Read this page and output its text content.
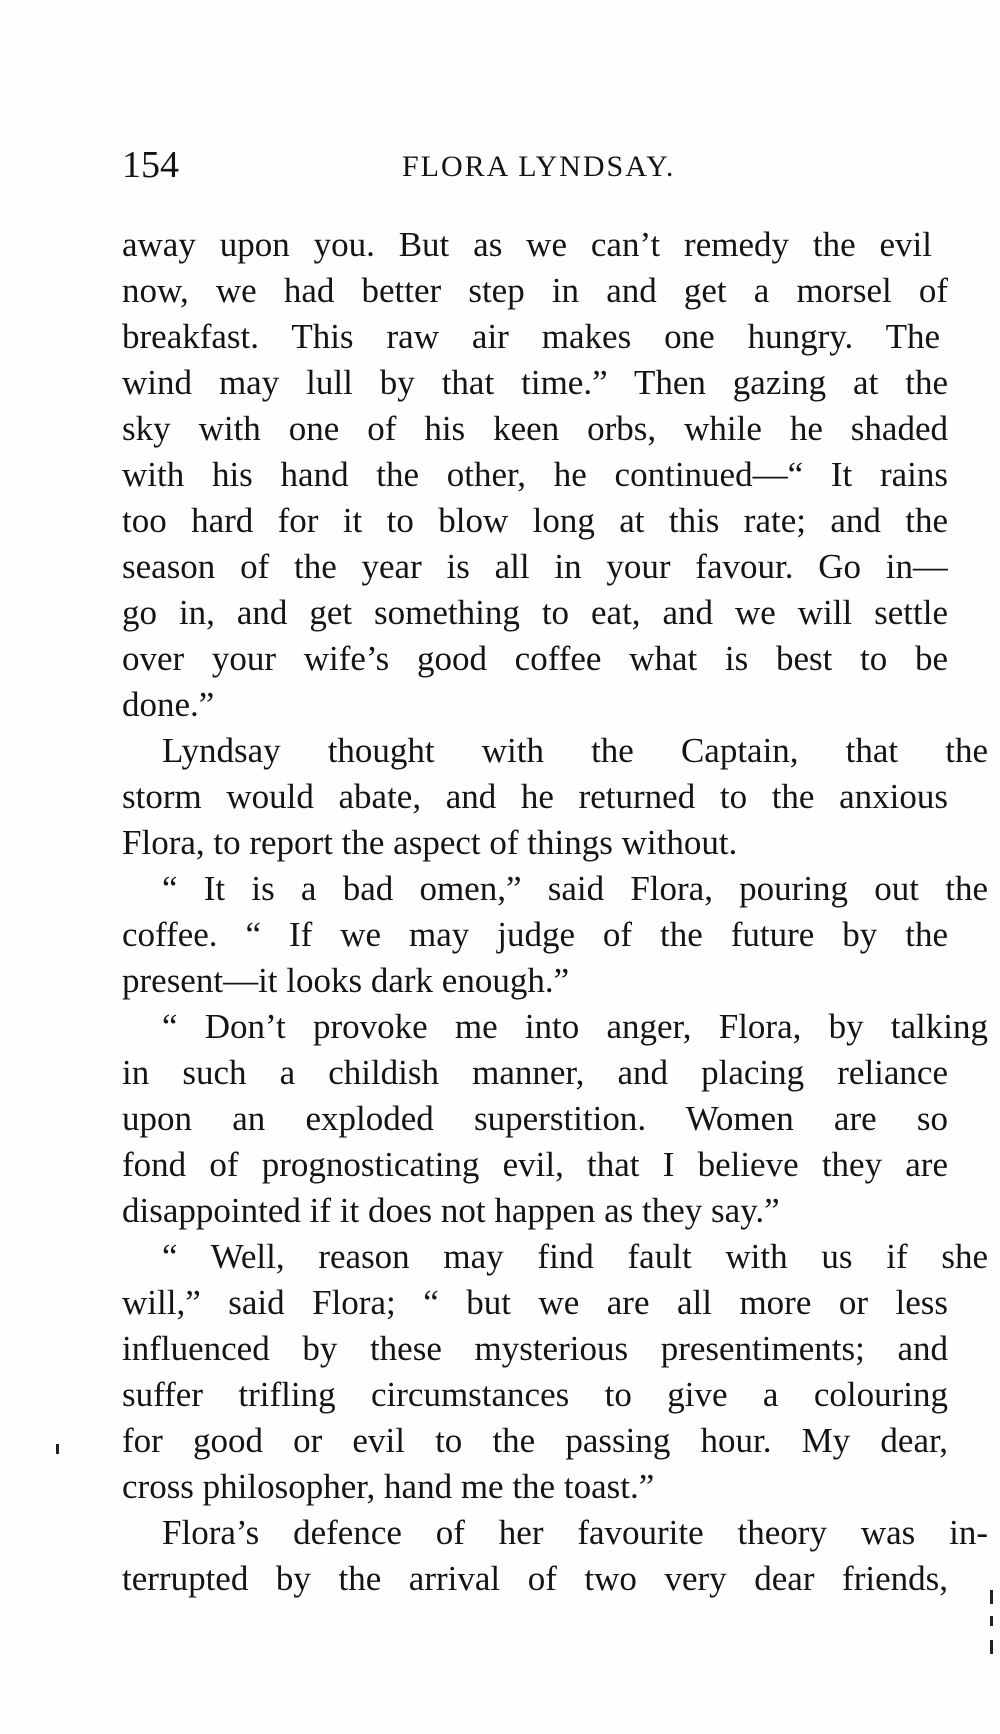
154	FLORA LYNDSAY.
away upon you. But as we can’t remedy the evil
now, we had better step in and get a morsel of
breakfast. This raw air makes one hungry. The
wind may lull by that time.” Then gazing at the
sky with one of his keen orbs, while he shaded
with his hand the other, he continued—“ It rains
too hard for it to blow long at this rate; and the
season of the year is all in your favour. Go in—
go in, and get something to eat, and we will settle
over your wife’s good coffee what is best to be
done.”
Lyndsay thought with the Captain, that the
storm would abate, and he returned to the anxious
Flora, to report the aspect of things without.
“ It is a bad omen,” said Flora, pouring out the
coffee. “ If we may judge of the future by the
present—it looks dark enough.”
“ Don’t provoke me into anger, Flora, by talking
in such a childish manner, and placing reliance
upon an exploded superstition. Women are so
fond of prognosticating evil, that I believe they are
disappointed if it does not happen as they say.”
“ Well, reason may find fault with us if she
will,” said Flora; “ but we are all more or less
influenced by these mysterious presentiments; and
suffer trifling circumstances to give a colouring
for good or evil to the passing hour. My dear,
cross philosopher, hand me the toast.”
Flora’s defence of her favourite theory was in-
terrupted by the arrival of two very dear friends,
